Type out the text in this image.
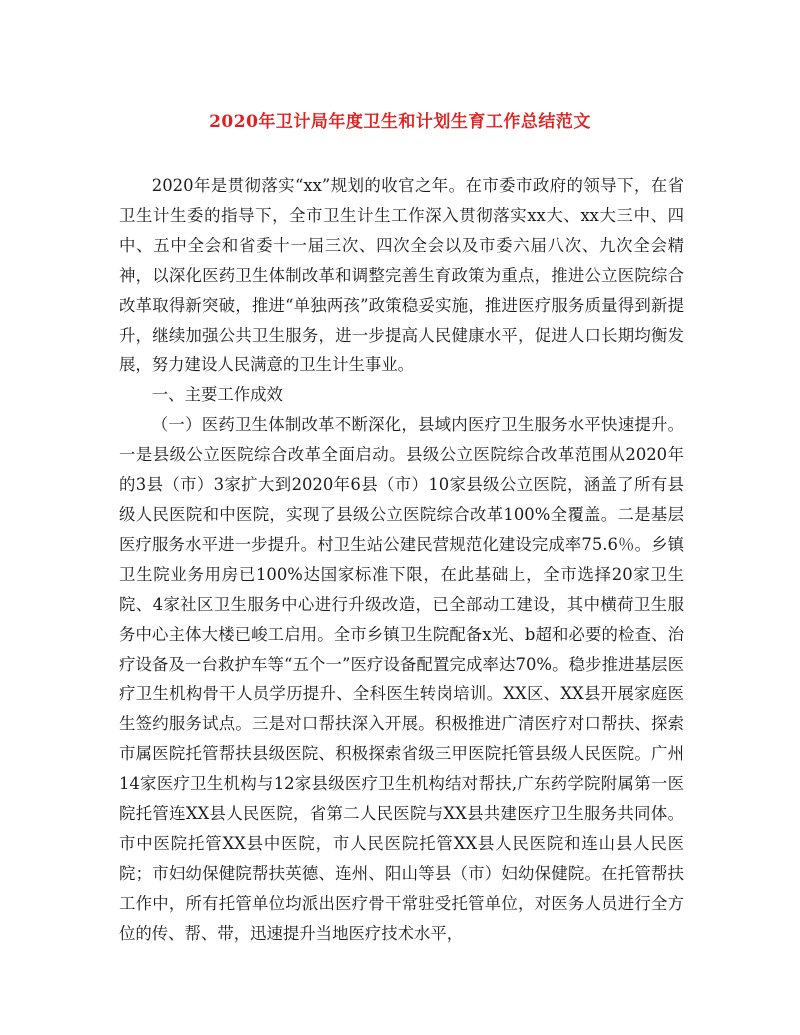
2020年卫计局年度卫生和计划生育工作总结范文

2020年是贯彻落实“xx”规划的收官之年。在市委市政府的领导下，在省卫生计生委的指导下，全市卫生计生工作深入贯彻落实xx大、xx大三中、四中、五中全会和省委十一届三次、四次全会以及市委六届八次、九次全会精神，以深化医药卫生体制改革和调整完善生育政策为重点，推进公立医院综合改革取得新突破，推进“单独两孩”政策稳妥实施，推进医疗服务质量得到新提升，继续加强公共卫生服务，进一步提高人民健康水平，促进人口长期均衡发展，努力建设人民满意的卫生计生事业。

一、主要工作成效

（一）医药卫生体制改革不断深化，县域内医疗卫生服务水平快速提升。一是县级公立医院综合改革全面启动。县级公立医院综合改革范围从2020年的3县（市）3家扩大到2020年6县（市）10家县级公立医院，涵盖了所有县级人民医院和中医院，实现了县级公立医院综合改革100%全覆盖。二是基层医疗服务水平进一步提升。村卫生站公建民营规范化建设完成率75.6％。乡镇卫生院业务用房已100%达国家标准下限，在此基础上，全市选择20家卫生院、4家社区卫生服务中心进行升级改造，已全部动工建设，其中横荷卫生服务中心主体大楼已峻工启用。全市乡镇卫生院配备x光、b超和必要的检查、治疗设备及一台救护车等“五个一”医疗设备配置完成率达70%。稳步推进基层医疗卫生机构骨干人员学历提升、全科医生转岗培训。XX区、XX县开展家庭医生签约服务试点。三是对口帮扶深入开展。积极推进广清医疗对口帮扶、探索市属医院托管帮扶县级医院、积极探索省级三甲医院托管县级人民医院。广州14家医疗卫生机构与12家县级医疗卫生机构结对帮扶,广东药学院附属第一医院托管连XX县人民医院，省第二人民医院与XX县共建医疗卫生服务共同体。市中医院托管XX县中医院，市人民医院托管XX县人民医院和连山县人民医院；市妇幼保健院帮扶英德、连州、阳山等县（市）妇幼保健院。在托管帮扶工作中，所有托管单位均派出医疗骨干常驻受托管单位，对医务人员进行全方位的传、帮、带，迅速提升当地医疗技术水平，
